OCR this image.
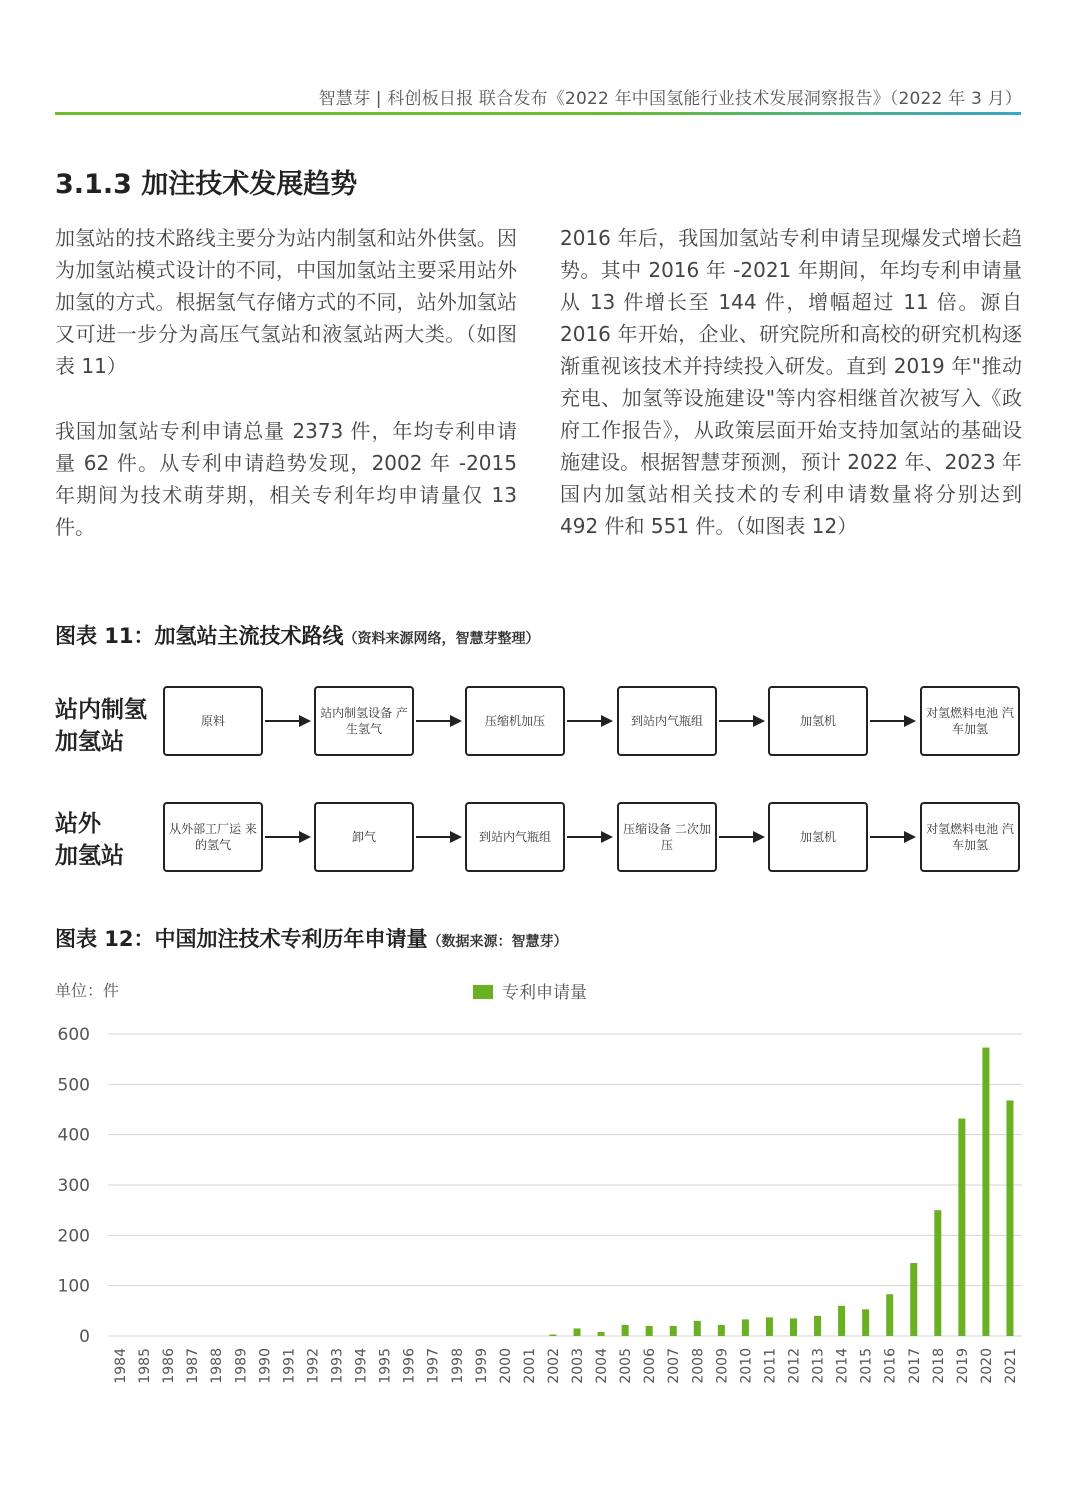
智慧芽 | 科创板日报 联合发布《2022 年中国氢能行业技术发展洞察报告》（2022 年 3 月）
3.1.3 加注技术发展趋势

加氢站的技术路线主要分为站内制氢和站外供氢。因为加氢站模式设计的不同，中国加氢站主要采用站外加氢的方式。根据氢气存储方式的不同，站外加氢站又可进一步分为高压气氢站和液氢站两大类。（如图表 11）

我国加氢站专利申请总量 2373 件，年均专利申请量 62 件。从专利申请趋势发现，2002 年 -2015 年期间为技术萌芽期，相关专利年均申请量仅 13 件。

2016 年后，我国加氢站专利申请呈现爆发式增长趋势。其中 2016 年 -2021 年期间，年均专利申请量从 13 件增长至 144 件，增幅超过 11 倍。源自 2016 年开始，企业、研究院所和高校的研究机构逐渐重视该技术并持续投入研发。直到 2019 年"推动充电、加氢等设施建设"等内容相继首次被写入《政府工作报告》，从政策层面开始支持加氢站的基础设施建设。根据智慧芽预测，预计 2022 年、2023 年国内加氢站相关技术的专利申请数量将分别达到 492 件和 551 件。（如图表 12）

图表 11：加氢站主流技术路线（资料来源网络，智慧芽整理）
站内制氢
加氢站
站外
加氢站
原料
站内制氢设备 产生氢气
压缩机加压	到站内气瓶组	加氢机
对氢燃料电池 汽车加氢
从外部工厂运 来的氢气
卸气	到站内气瓶组
压缩设备 二次加压
加氢机
对氢燃料电池 汽车加氢
图表 12：中国加注技术专利历年申请量（数据来源：智慧芽）
单位：件	专利申请量
0
100
200
300
400
500
600
1984 1985 1986 1987 1988 1989 1990 1991 1992 1993 1994 1995 1996 1997 1998 1999 2000 2001 2002 2003 2004 2005 2006 2007 2008 2009 2010 2011 2012 2013 2014 2015 2016 2017 2018 2019 2020 2021
